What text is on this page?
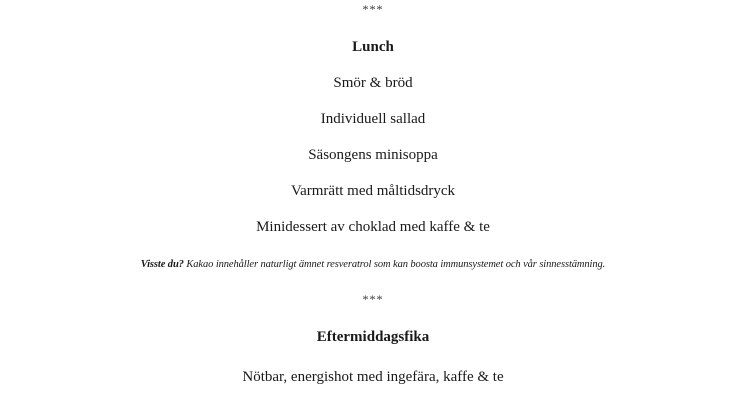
***
Lunch
Smör & bröd
Individuell sallad
Säsongens minisoppa
Varmrätt med måltidsdryck
Minidessert av choklad med kaffe & te
Visste du? Kakao innehåller naturligt ämnet resveratrol som kan boosta immunsystemet och vår sinnesstämning.
***
Eftermiddagsfika
Nötbar, energishot med ingefära, kaffe & te
